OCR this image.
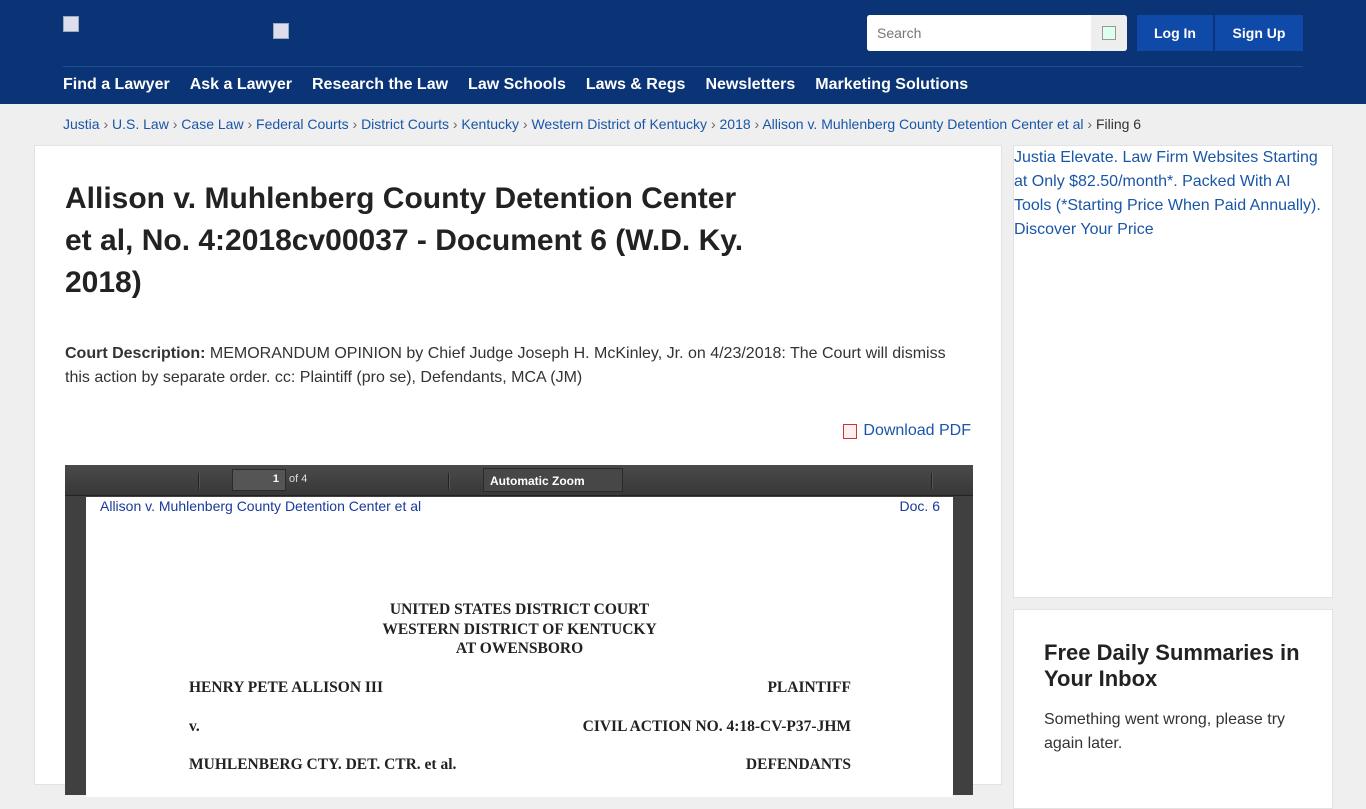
Search
Log In	Sign Up
Find a Lawyer Ask a Lawyer Research the Law Law Schools Laws & Regs Newsletters Marketing Solutions
Justia › U.S. Law › Case Law › Federal Courts › District Courts › Kentucky › Western District of Kentucky › 2018 › Allison v. Muhlenberg County Detention Center et al › Filing 6
Allison v. Muhlenberg County Detention Center et al, No. 4:2018cv00037 - Document 6 (W.D. Ky. 2018)
Court Description: MEMORANDUM OPINION by Chief Judge Joseph H. McKinley, Jr. on 4/23/2018: The Court will dismiss this action by separate order. cc: Plaintiff (pro se), Defendants, MCA (JM)
Download PDF
1 of 4	Automatic Zoom
Allison v. Muhlenberg County Detention Center et al	Doc. 6
UNITED STATES DISTRICT COURT
WESTERN DISTRICT OF KENTUCKY
AT OWENSBORO
HENRY PETE ALLISON III	PLAINTIFF
v.	CIVIL ACTION NO. 4:18-CV-P37-JHM
MUHLENBERG CTY. DET. CTR. et al.	DEFENDANTS
Justia Elevate. Law Firm Websites Starting at Only $82.50/month*. Packed With AI Tools (*Starting Price When Paid Annually). Discover Your Price
Free Daily Summaries in Your Inbox

Something went wrong, please try again later.
